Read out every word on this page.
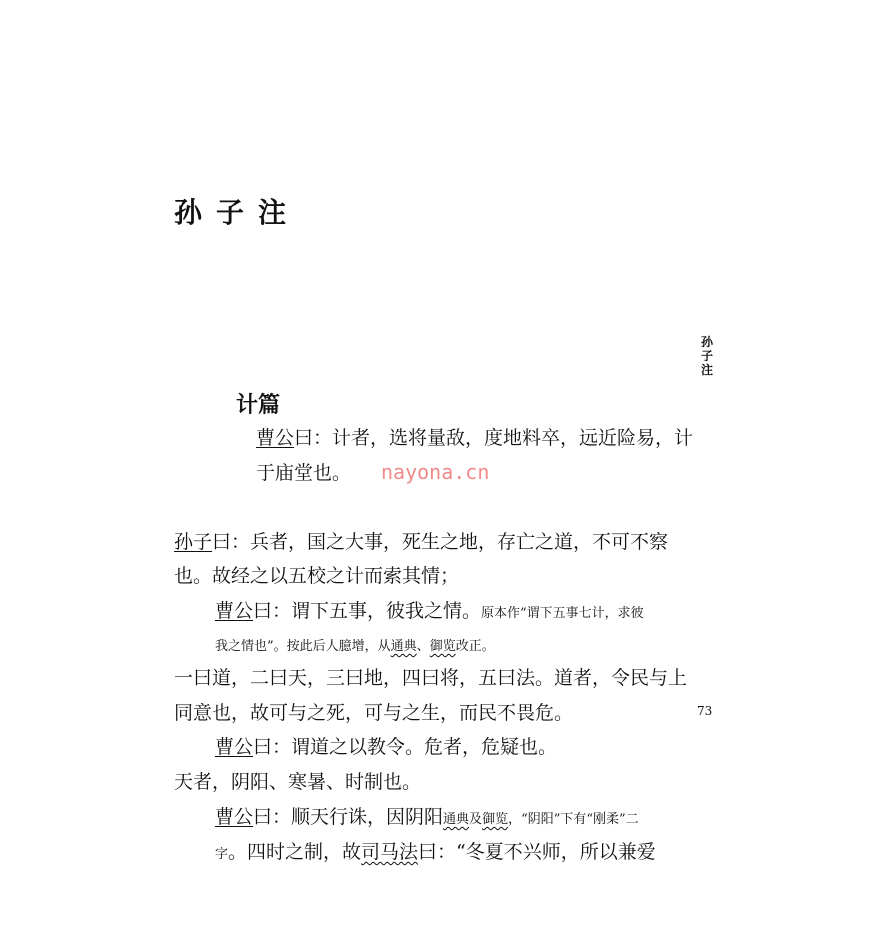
孙子注
孙子注
73
计篇
曹公曰：计者，选将量敌，度地料卒，远近险易，计
于庙堂也。 nayona.cn
孙子曰：兵者，国之大事，死生之地，存亡之道，不可不察
也。故经之以五校之计而索其情；
曹公曰：谓下五事，彼我之情。原本作“谓下五事七计，求彼
我之情也”。按此后人臆增，从通典、御览改正。
一曰道，二曰天，三曰地，四曰将，五曰法。道者，令民与上
同意也，故可与之死，可与之生，而民不畏危。
曹公曰：谓道之以教令。危者，危疑也。
天者，阴阳、寒暑、时制也。
曹公曰：顺天行诛，因阴阳通典及御览，“阴阳”下有“刚柔”二
字。四时之制，故司马法曰：“冬夏不兴师，所以兼爱
